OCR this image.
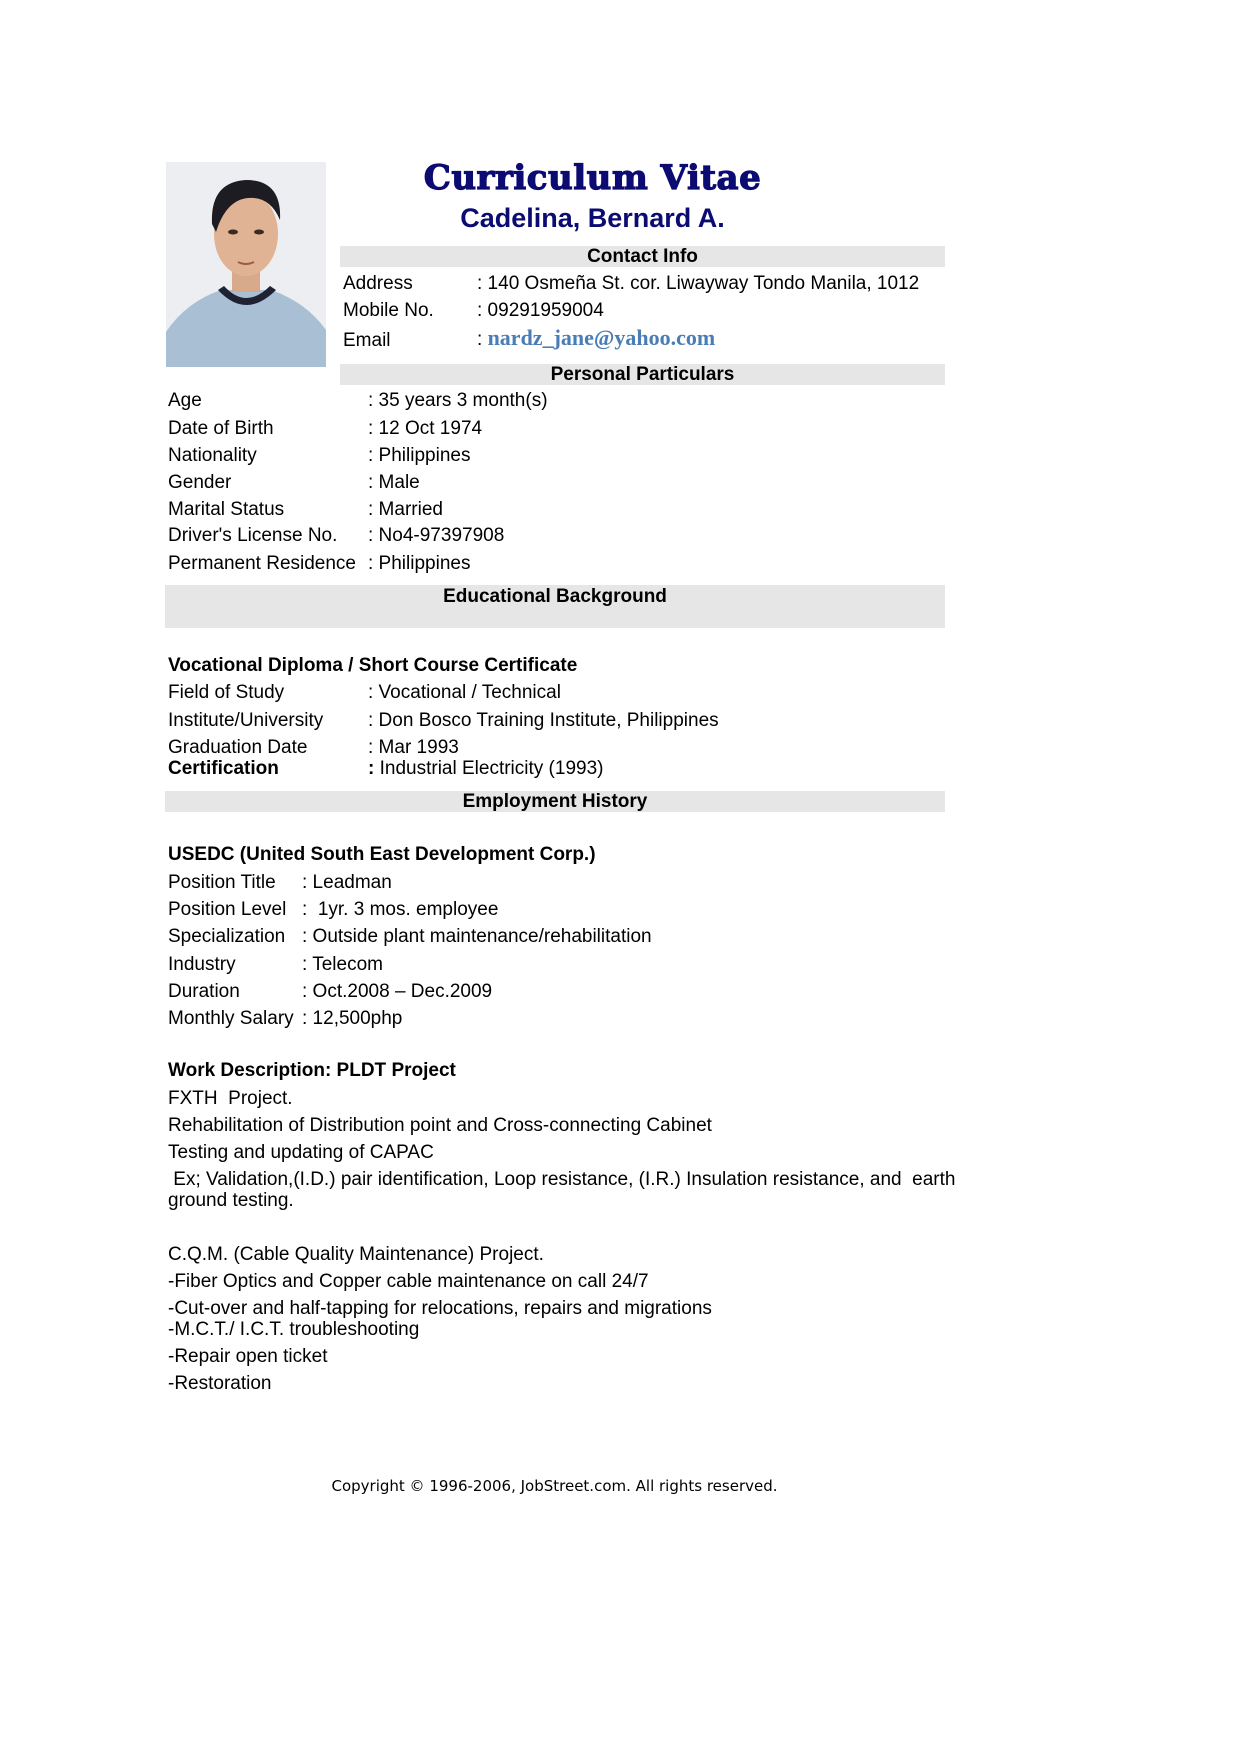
Curriculum Vitae
Cadelina, Bernard A.
Contact Info
Address	: 140 Osmeña St. cor. Liwayway Tondo Manila, 1012
Mobile No. : 09291959004
Email	: nardz_jane@yahoo.com
Personal Particulars
Age	: 35 years 3 month(s)
Date of Birth	: 12 Oct 1974
Nationality	: Philippines
Gender	: Male
Marital Status	: Married
Driver's License No. : No4-97397908
Permanent Residence : Philippines
Educational Background
Vocational Diploma / Short Course Certificate
Field of Study	: Vocational / Technical
Institute/University : Don Bosco Training Institute, Philippines
Graduation Date	: Mar 1993
Certification	: Industrial Electricity (1993)
Employment History
USEDC (United South East Development Corp.)
Position Title : Leadman
Position Level :  1yr. 3 mos. employee
Specialization : Outside plant maintenance/rehabilitation
Industry	: Telecom
Duration	: Oct.2008 – Dec.2009
Monthly Salary : 12,500php
Work Description: PLDT Project
FXTH  Project.
Rehabilitation of Distribution point and Cross-connecting Cabinet
Testing and updating of CAPAC
Ex; Validation,(I.D.) pair identification, Loop resistance, (I.R.) Insulation resistance, and  earth
ground testing.
C.Q.M. (Cable Quality Maintenance) Project.
-Fiber Optics and Copper cable maintenance on call 24/7
-Cut-over and half-tapping for relocations, repairs and migrations
-M.C.T./ I.C.T. troubleshooting
-Repair open ticket
-Restoration
Copyright © 1996-2006, JobStreet.com. All rights reserved.
